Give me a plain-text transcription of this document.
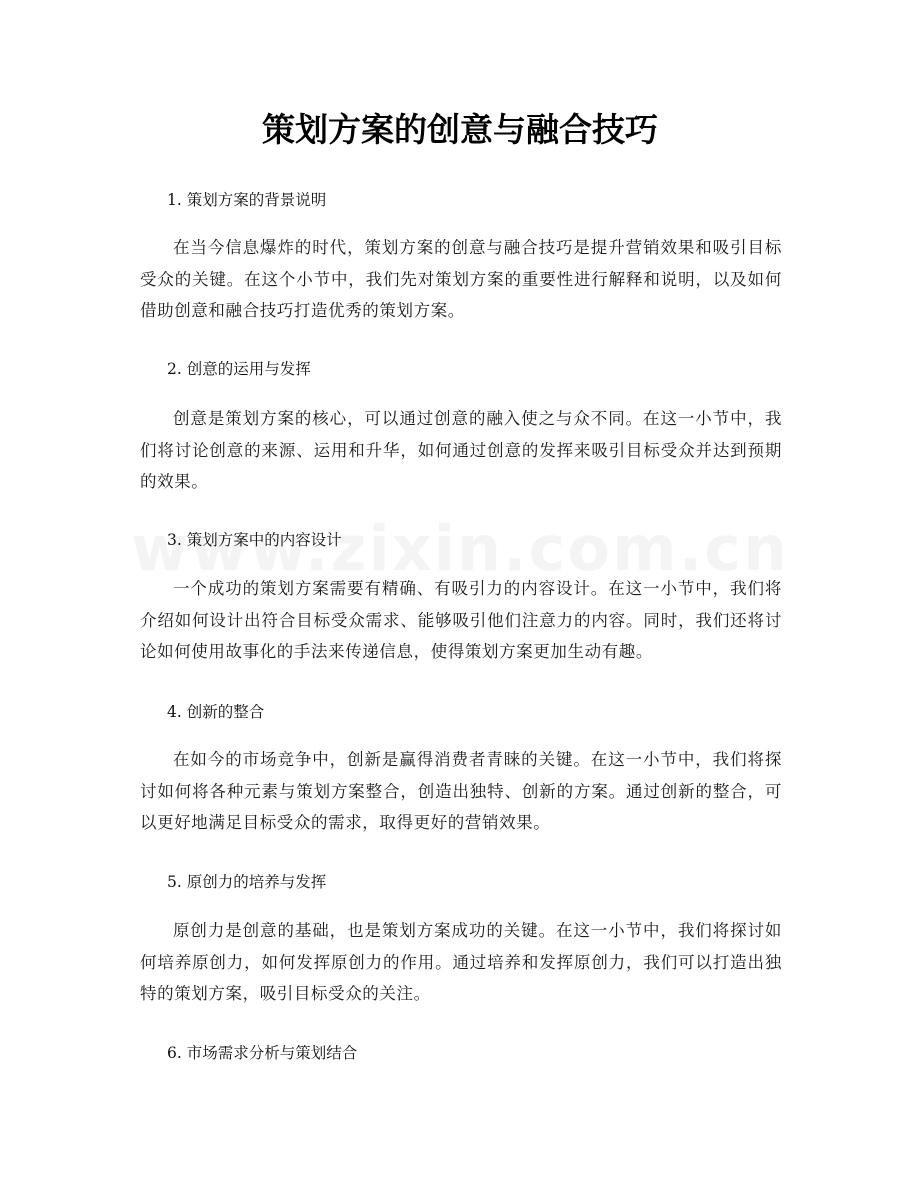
策划方案的创意与融合技巧
1. 策划方案的背景说明
在当今信息爆炸的时代，策划方案的创意与融合技巧是提升营销效果和吸引目标受众的关键。在这个小节中，我们先对策划方案的重要性进行解释和说明，以及如何借助创意和融合技巧打造优秀的策划方案。
2. 创意的运用与发挥
创意是策划方案的核心，可以通过创意的融入使之与众不同。在这一小节中，我们将讨论创意的来源、运用和升华，如何通过创意的发挥来吸引目标受众并达到预期的效果。
3. 策划方案中的内容设计
一个成功的策划方案需要有精确、有吸引力的内容设计。在这一小节中，我们将介绍如何设计出符合目标受众需求、能够吸引他们注意力的内容。同时，我们还将讨论如何使用故事化的手法来传递信息，使得策划方案更加生动有趣。
4. 创新的整合
在如今的市场竞争中，创新是赢得消费者青睐的关键。在这一小节中，我们将探讨如何将各种元素与策划方案整合，创造出独特、创新的方案。通过创新的整合，可以更好地满足目标受众的需求，取得更好的营销效果。
5. 原创力的培养与发挥
原创力是创意的基础，也是策划方案成功的关键。在这一小节中，我们将探讨如何培养原创力，如何发挥原创力的作用。通过培养和发挥原创力，我们可以打造出独特的策划方案，吸引目标受众的关注。
6. 市场需求分析与策划结合
